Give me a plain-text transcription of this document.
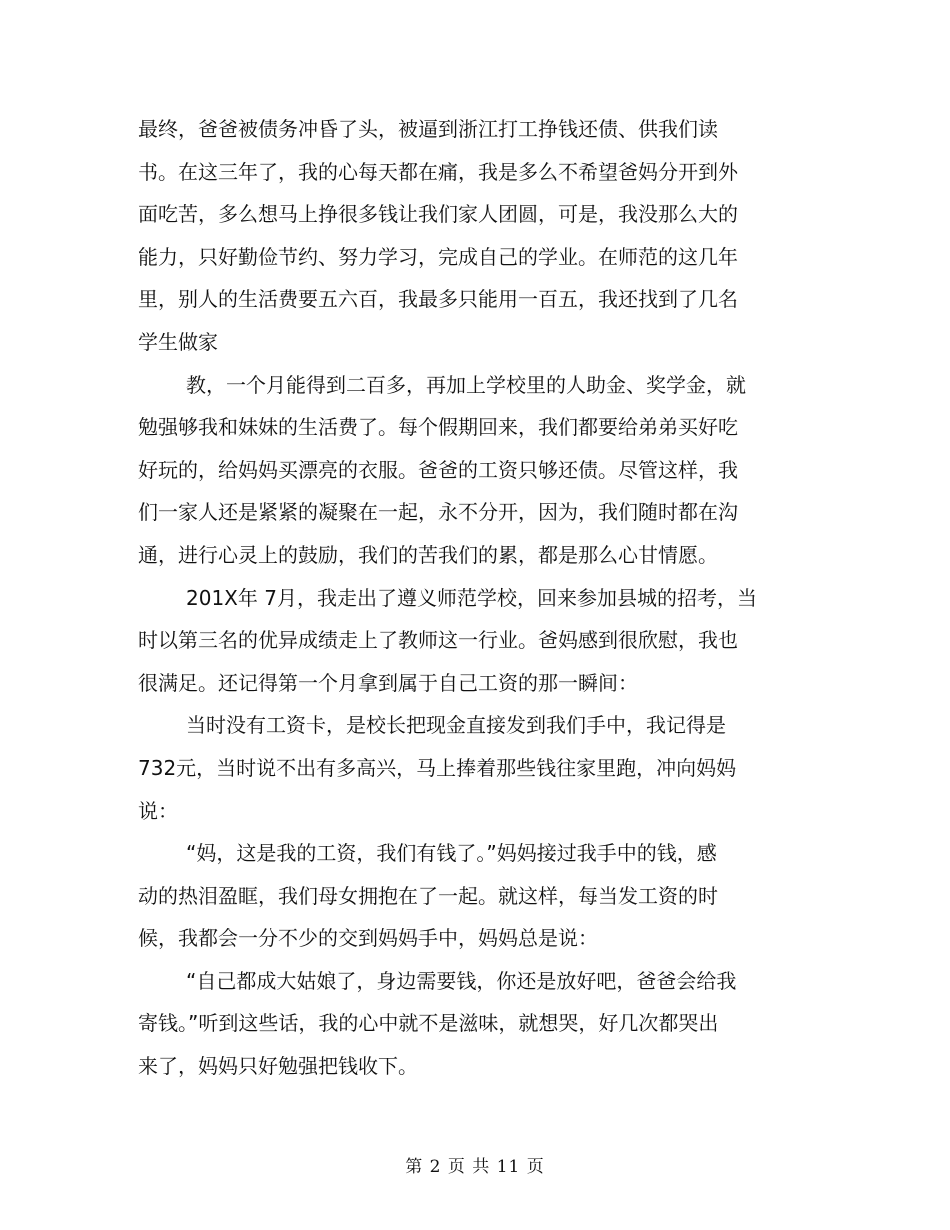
最终，爸爸被债务冲昏了头，被逼到浙江打工挣钱还债、供我们读
书。在这三年了，我的心每天都在痛，我是多么不希望爸妈分开到外
面吃苦，多么想马上挣很多钱让我们家人团圆，可是，我没那么大的
能力，只好勤俭节约、努力学习，完成自己的学业。在师范的这几年
里，别人的生活费要五六百，我最多只能用一百五，我还找到了几名
学生做家
教，一个月能得到二百多，再加上学校里的人助金、奖学金，就
勉强够我和妹妹的生活费了。每个假期回来，我们都要给弟弟买好吃
好玩的，给妈妈买漂亮的衣服。爸爸的工资只够还债。尽管这样，我
们一家人还是紧紧的凝聚在一起，永不分开，因为，我们随时都在沟
通，进行心灵上的鼓励，我们的苦我们的累，都是那么心甘情愿。
201X年 7月，我走出了遵义师范学校，回来参加县城的招考，当
时以第三名的优异成绩走上了教师这一行业。爸妈感到很欣慰，我也
很满足。还记得第一个月拿到属于自己工资的那一瞬间：
当时没有工资卡，是校长把现金直接发到我们手中，我记得是
732元，当时说不出有多高兴，马上捧着那些钱往家里跑，冲向妈妈
说：
“妈，这是我的工资，我们有钱了。”妈妈接过我手中的钱，感
动的热泪盈眶，我们母女拥抱在了一起。就这样，每当发工资的时
候，我都会一分不少的交到妈妈手中，妈妈总是说：
“自己都成大姑娘了，身边需要钱，你还是放好吧，爸爸会给我
寄钱。”听到这些话，我的心中就不是滋味，就想哭，好几次都哭出
来了，妈妈只好勉强把钱收下。
第 2 页 共 11 页
